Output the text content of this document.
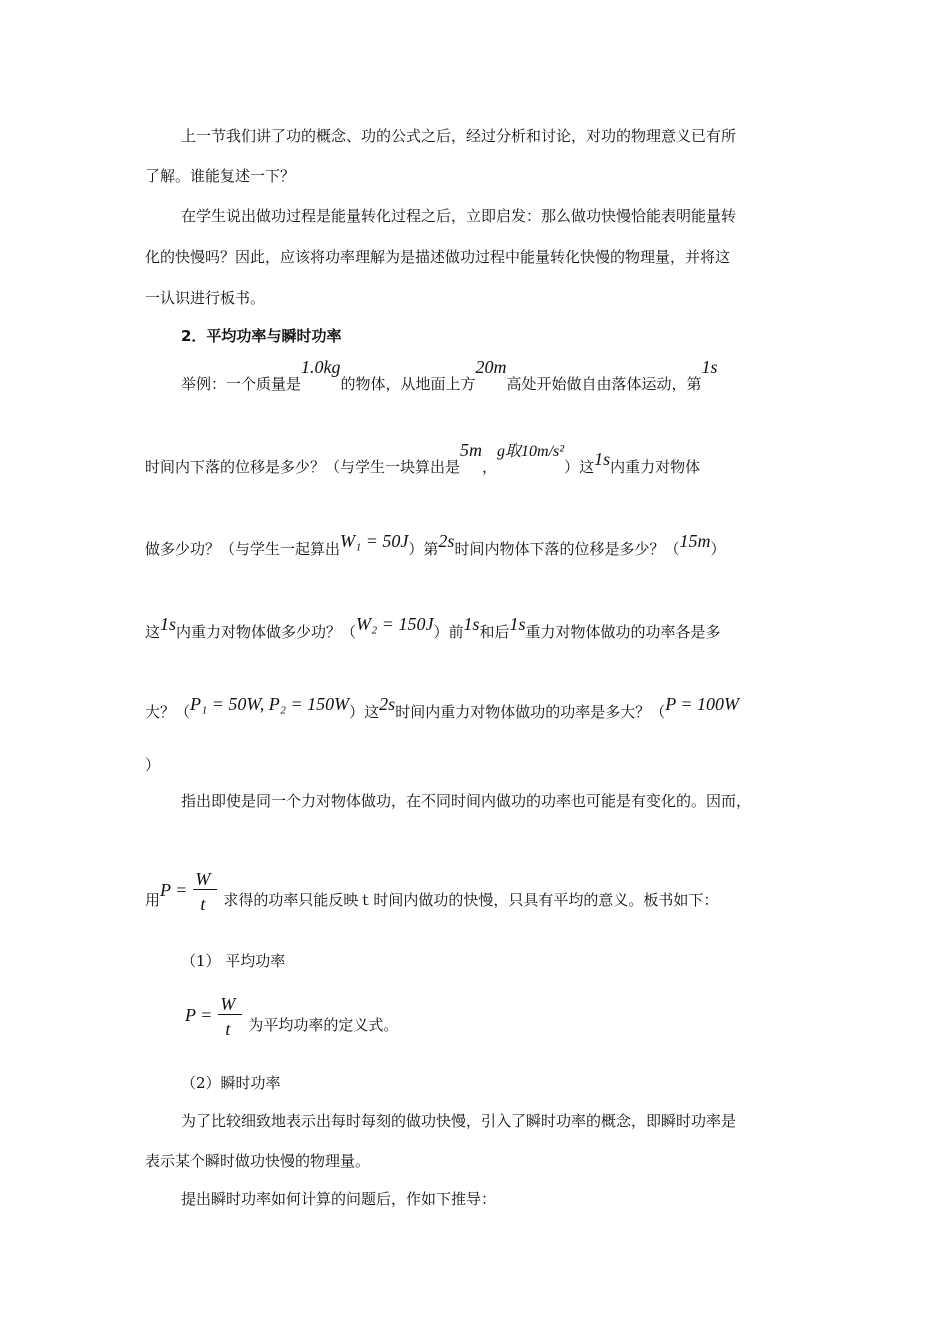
上一节我们讲了功的概念、功的公式之后，经过分析和讨论，对功的物理意义已有所
了解。谁能复述一下？
在学生说出做功过程是能量转化过程之后，立即启发：那么做功快慢恰能表明能量转
化的快慢吗？因此，应该将功率理解为是描述做功过程中能量转化快慢的物理量，并将这
一认识进行板书。
2．平均功率与瞬时功率
举例：一个质量是1.0kg的物体，从地面上方20m高处开始做自由落体运动，第1s
时间内下落的位移是多少？（与学生一块算出是5m，g取10m/s²）这1s内重力对物体
做多少功？（与学生一起算出W₁ = 50J）第2s时间内物体下落的位移是多少？（15m）
这1s内重力对物体做多少功？（W₂ = 150J）前1s和后1s重力对物体做功的功率各是多
大？（P₁ = 50W, P₂ = 150W）这2s时间内重力对物体做功的功率是多大？（P = 100W
）
指出即使是同一个力对物体做功，在不同时间内做功的功率也可能是有变化的。因而，
用$P = \frac{W}{t}$ 求得的功率只能反映ｔ时间内做功的快慢，只具有平均的意义。板书如下：
（1） 平均功率
$P = \frac{W}{t}$ 为平均功率的定义式。
（2）瞬时功率
为了比较细致地表示出每时每刻的做功快慢，引入了瞬时功率的概念，即瞬时功率是
表示某个瞬时做功快慢的物理量。
提出瞬时功率如何计算的问题后，作如下推导：
